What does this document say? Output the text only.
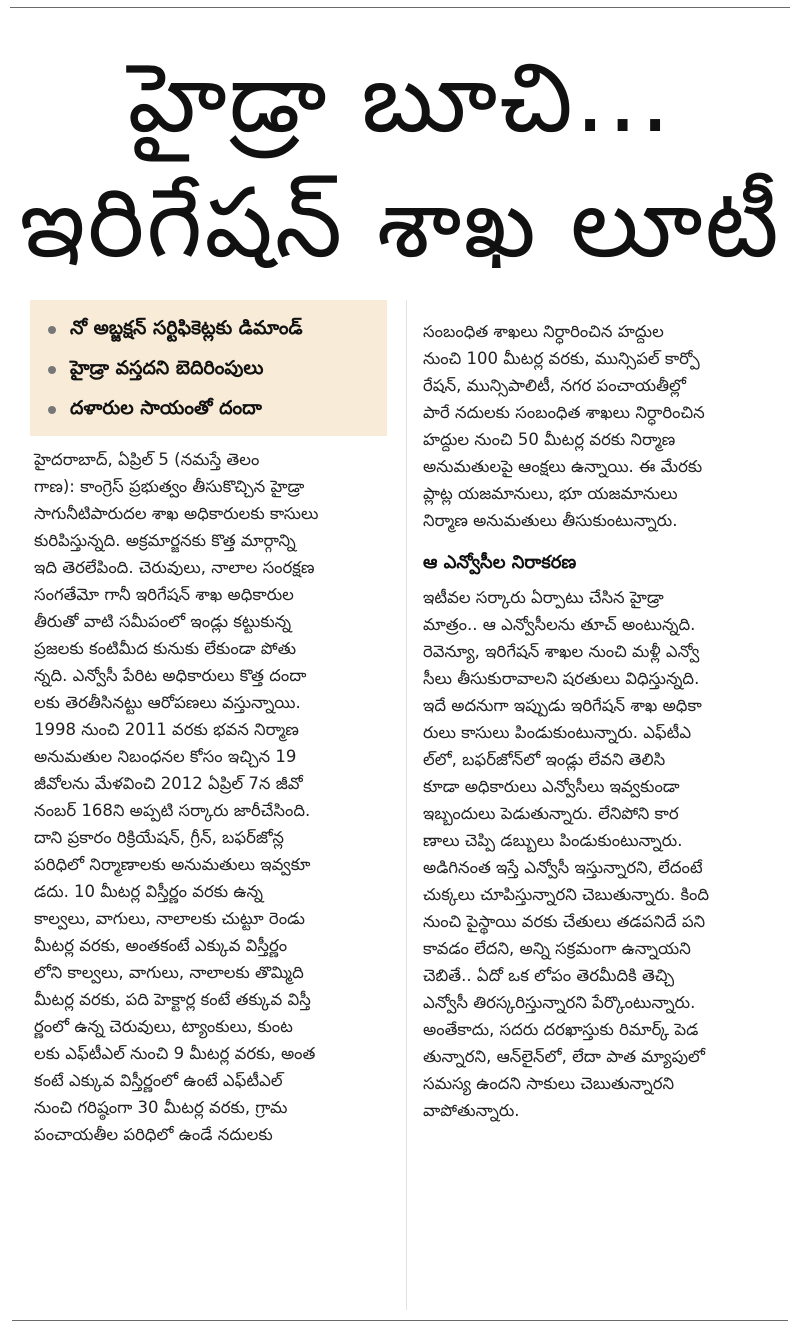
హైడ్రా బూచి...
ఇరిగేషన్ శాఖ లూటీ
నో అబ్జక్షన్ సర్టిఫికెట్లకు డిమాండ్
హైడ్రా వస్తదని బెదిరింపులు
దళారుల సాయంతో దందా

హైదరాబాద్, ఏప్రిల్ 5 (నమస్తే తెలం
గాణ): కాంగ్రెస్ ప్రభుత్వం తీసుకొచ్చిన హైడ్రా
సాగునీటిపారుదల శాఖ అధికారులకు కాసులు
కురిపిస్తున్నది. అక్రమార్జనకు కొత్త మార్గాన్ని
ఇది తెరలేపింది. చెరువులు, నాలాల సంరక్షణ
సంగతేమో గానీ ఇరిగేషన్ శాఖ అధికారుల
తీరుతో వాటి సమీపంలో ఇండ్లు కట్టుకున్న
ప్రజలకు కంటిమీద కునుకు లేకుండా పోతు
న్నది. ఎన్వోసీ పేరిట అధికారులు కొత్త దందా
లకు తెరతీసినట్టు ఆరోపణలు వస్తున్నాయి.
1998 నుంచి 2011 వరకు భవన నిర్మాణ
అనుమతుల నిబంధనల కోసం ఇచ్చిన 19
జీవోలను మేళవించి 2012 ఏప్రిల్ 7న జీవో
నంబర్ 168ని అప్పటి సర్కారు జారీచేసింది.
దాని ప్రకారం రిక్రియేషన్, గ్రీన్, బఫర్‌జోన్ల
పరిధిలో నిర్మాణాలకు అనుమతులు ఇవ్వకూ
డదు. 10 మీటర్ల విస్తీర్ణం వరకు ఉన్న
కాల్వలు, వాగులు, నాలాలకు చుట్టూ రెండు
మీటర్ల వరకు, అంతకంటే ఎక్కువ విస్తీర్ణం
లోని కాల్వలు, వాగులు, నాలాలకు తొమ్మిది
మీటర్ల వరకు, పది హెక్టార్ల కంటే తక్కువ విస్తీ
ర్ణంలో ఉన్న చెరువులు, ట్యాంకులు, కుంట
లకు ఎఫ్‌టీఎల్ నుంచి 9 మీటర్ల వరకు, అంత
కంటే ఎక్కువ విస్తీర్ణంలో ఉంటే ఎఫ్‌టీఎల్
నుంచి గరిష్ఠంగా 30 మీటర్ల వరకు, గ్రామ
పంచాయతీల పరిధిలో ఉండే నదులకు

సంబంధిత శాఖలు నిర్ధారించిన హద్దుల
నుంచి 100 మీటర్ల వరకు, మున్సిపల్ కార్పో
రేషన్, మున్సిపాలిటీ, నగర పంచాయతీల్లో
పారే నదులకు సంబంధిత శాఖలు నిర్ధారించిన
హద్దుల నుంచి 50 మీటర్ల వరకు నిర్మాణ
అనుమతులపై ఆంక్షలు ఉన్నాయి. ఈ మేరకు
ప్లాట్ల యజమానులు, భూ యజమానులు
నిర్మాణ అనుమతులు తీసుకుంటున్నారు.

ఆ ఎన్వోసీల నిరాకరణ

ఇటీవల సర్కారు ఏర్పాటు చేసిన హైడ్రా
మాత్రం.. ఆ ఎన్వోసీలను తూచ్ అంటున్నది.
రెవెన్యూ, ఇరిగేషన్ శాఖల నుంచి మళ్లీ ఎన్వో
సీలు తీసుకురావాలని షరతులు విధిస్తున్నది.
ఇదే అదనుగా ఇప్పుడు ఇరిగేషన్ శాఖ అధికా
రులు కాసులు పిండుకుంటున్నారు. ఎఫ్‌టీఎ
ల్‌లో, బఫర్‌జోన్‌లో ఇండ్లు లేవని తెలిసి
కూడా అధికారులు ఎన్వోసీలు ఇవ్వకుండా
ఇబ్బందులు పెడుతున్నారు. లేనిపోని కార
ణాలు చెప్పి డబ్బులు పిండుకుంటున్నారు.
అడిగినంత ఇస్తే ఎన్వోసీ ఇస్తున్నారని, లేదంటే
చుక్కలు చూపిస్తున్నారని చెబుతున్నారు. కింది
నుంచి పైస్థాయి వరకు చేతులు తడపనిదే పని
కావడం లేదని, అన్ని సక్రమంగా ఉన్నాయని
చెబితే.. ఏదో ఒక లోపం తెరమీదికి తెచ్చి
ఎన్వోసీ తిరస్కరిస్తున్నారని పేర్కొంటున్నారు.
అంతేకాదు, సదరు దరఖాస్తుకు రిమార్క్ పెడ
తున్నారని, ఆన్‌లైన్‌లో, లేదా పాత మ్యాపులో
సమస్య ఉందని సాకులు చెబుతున్నారని
వాపోతున్నారు.
